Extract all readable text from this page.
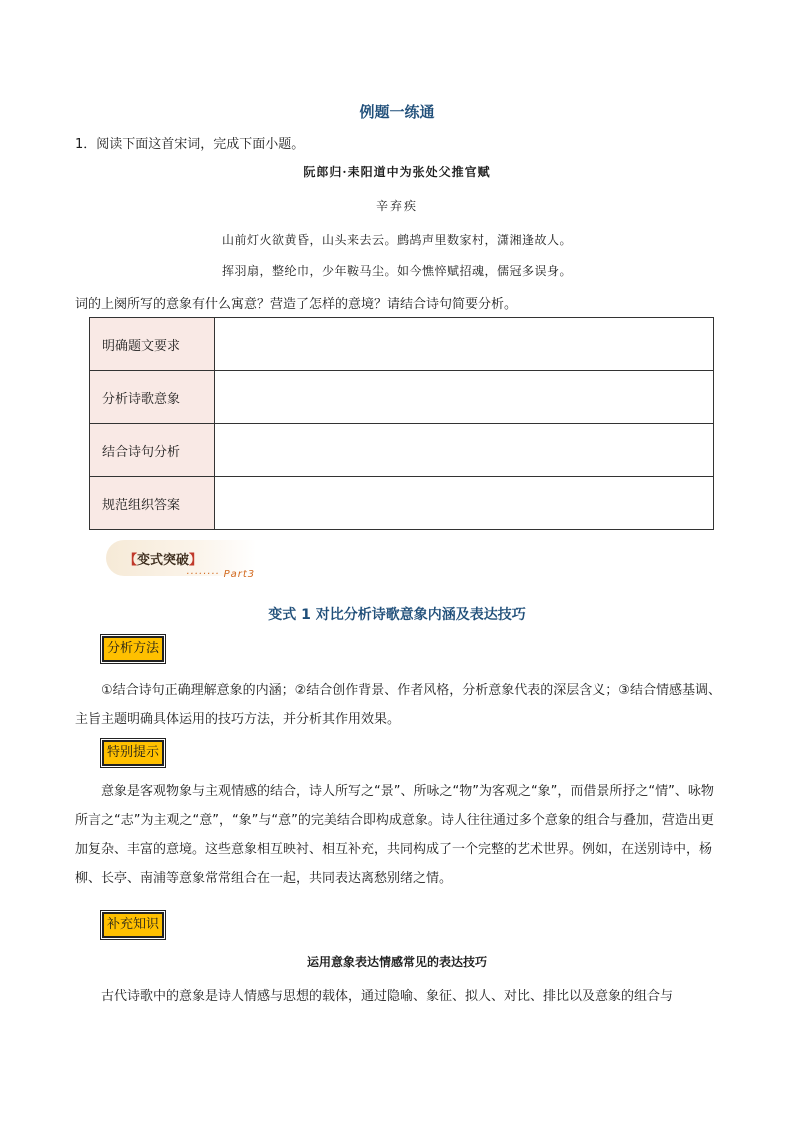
例题一练通
1．阅读下面这首宋词，完成下面小题。
阮郎归·耒阳道中为张处父推官赋
辛弃疾
山前灯火欲黄昏，山头来去云。鹧鸪声里数家村，潇湘逢故人。
挥羽扇，整纶巾，少年鞍马尘。如今憔悴赋招魂，儒冠多误身。
词的上阕所写的意象有什么寓意？营造了怎样的意境？请结合诗句简要分析。
明确题文要求	
分析诗歌意象	
结合诗句分析	
规范组织答案	
【变式突破】
········ Part3
变式 1 对比分析诗歌意象内涵及表达技巧
分析方法
①结合诗句正确理解意象的内涵；②结合创作背景、作者风格，分析意象代表的深层含义；③结合情感基调、主旨主题明确具体运用的技巧方法，并分析其作用效果。
特别提示
意象是客观物象与主观情感的结合，诗人所写之“景”、所咏之“物”为客观之“象”，而借景所抒之“情”、咏物所言之“志”为主观之“意”，“象”与“意”的完美结合即构成意象。诗人往往通过多个意象的组合与叠加，营造出更加复杂、丰富的意境。这些意象相互映衬、相互补充，共同构成了一个完整的艺术世界。例如，在送别诗中，杨柳、长亭、南浦等意象常常组合在一起，共同表达离愁别绪之情。
补充知识
运用意象表达情感常见的表达技巧
古代诗歌中的意象是诗人情感与思想的载体，通过隐喻、象征、拟人、对比、排比以及意象的组合与
